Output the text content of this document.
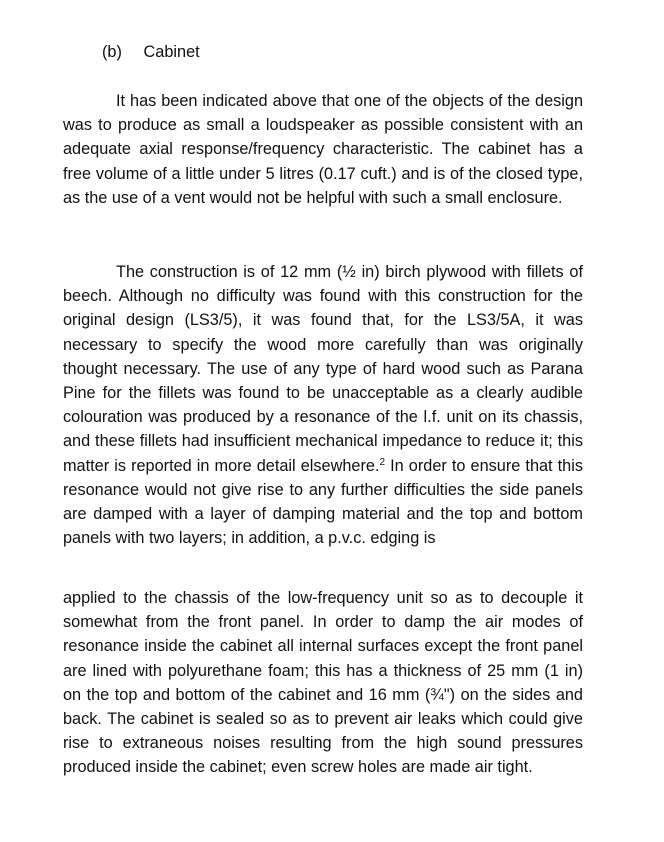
(b) Cabinet

It has been indicated above that one of the objects of the design was to produce as small a loudspeaker as possible consistent with an adequate axial response/frequency characteristic. The cabinet has a free volume of a little under 5 litres (0.17 cuft.) and is of the closed type, as the use of a vent would not be helpful with such a small enclosure.

The construction is of 12 mm (½ in) birch plywood with fillets of beech. Although no difficulty was found with this construction for the original design (LS3/5), it was found that, for the LS3/5A, it was necessary to specify the wood more carefully than was originally thought necessary. The use of any type of hard wood such as Parana Pine for the fillets was found to be unacceptable as a clearly audible colouration was produced by a resonance of the l.f. unit on its chassis, and these fillets had insufficient mechanical impedance to reduce it; this matter is reported in more detail elsewhere.$^2$ In order to ensure that this resonance would not give rise to any further difficulties the side panels are damped with a layer of damping material and the top and bottom panels with two layers; in addition, a p.v.c. edging is

applied to the chassis of the low-frequency unit so as to decouple it somewhat from the front panel. In order to damp the air modes of resonance inside the cabinet all internal surfaces except the front panel are lined with polyurethane foam; this has a thickness of 25 mm (1 in) on the top and bottom of the cabinet and 16 mm (¾") on the sides and back. The cabinet is sealed so as to prevent air leaks which could give rise to extraneous noises resulting from the high sound pressures produced inside the cabinet; even screw holes are made air tight.
